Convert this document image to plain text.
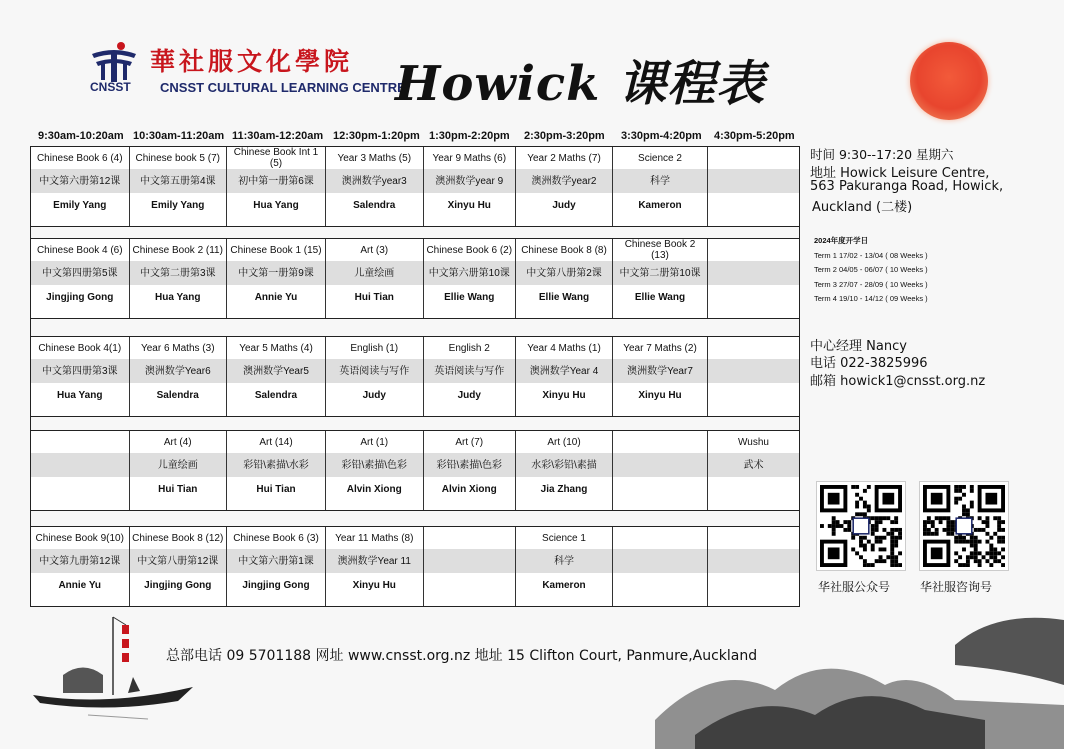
CNSST
華社服文化學院
CNSST CULTURAL LEARNING CENTRE
Howick 课程表
9:30am-10:20am 10:30am-11:20am 11:30am-12:20am 12:30pm-1:20pm 1:30pm-2:20pm 2:30pm-3:20pm 3:30pm-4:20pm 4:30pm-5:20pm
Chinese Book 6 (4)
中文第六册第12课
Emily Yang
Chinese book 5 (7)
中文第五册第4课
Emily Yang
Chinese Book Int 1 (5)
初中第一册第6课
Hua Yang
Year 3 Maths (5)
澳洲数学year3
Salendra
Year 9 Maths (6)
澳洲数学year 9
Xinyu Hu
Year 2 Maths (7)
澳洲数学year2
Judy
Science 2
科学
Kameron
Chinese Book 4 (6)
中文第四册第5课
Jingjing Gong
Chinese Book 2 (11)
中文第二册第3课
Hua Yang
Chinese Book 1 (15)
中文第一册第9课
Annie Yu
Art (3)
儿童绘画
Hui Tian
Chinese Book 6 (2)
中文第六册第10课
Ellie Wang
Chinese Book 8 (8)
中文第八册第2课
Ellie Wang
Chinese Book 2 (13)
中文第二册第10课
Ellie Wang
Chinese Book 4(1)
中文第四册第3课
Hua Yang
Year 6 Maths (3)
澳洲数学Year6
Salendra
Year 5 Maths (4)
澳洲数学Year5
Salendra
English (1)
英语阅读与写作
Judy
English 2
英语阅读与写作
Judy
Year 4 Maths (1)
澳洲数学Year 4
Xinyu Hu
Year 7 Maths (2)
澳洲数学Year7
Xinyu Hu
Art (4)
儿童绘画
Hui Tian
Art (14)
彩铅\素描\水彩
Hui Tian
Art (1)
彩铅\素描\色彩
Alvin Xiong
Art (7)
彩铅\素描\色彩
Alvin Xiong
Art (10)
水彩\彩铅\素描
Jia Zhang
Wushu
武术
Chinese Book 9(10)
中文第九册第12课
Annie Yu
Chinese Book 8 (12)
中文第八册第12课
Jingjing Gong
Chinese Book 6 (3)
中文第六册第1课
Jingjing Gong
Year 11 Maths (8)
澳洲数学Year 11
Xinyu Hu
Science 1
科学
Kameron
时间 9:30--17:20 星期六
地址 Howick Leisure Centre,
563 Pakuranga Road, Howick,
Auckland (二楼)
2024年度开学日
Term 1 17/02 - 13/04 ( 08 Weeks )
Term 2 04/05 - 06/07 ( 10 Weeks )
Term 3 27/07 - 28/09 ( 10 Weeks )
Term 4 19/10 - 14/12 ( 09 Weeks )
中心经理 Nancy
电话 022-3825996
邮箱 howick1@cnsst.org.nz
华社服公众号 华社服咨询号
总部电话 09 5701188 网址 www.cnsst.org.nz 地址 15 Clifton Court, Panmure,Auckland
